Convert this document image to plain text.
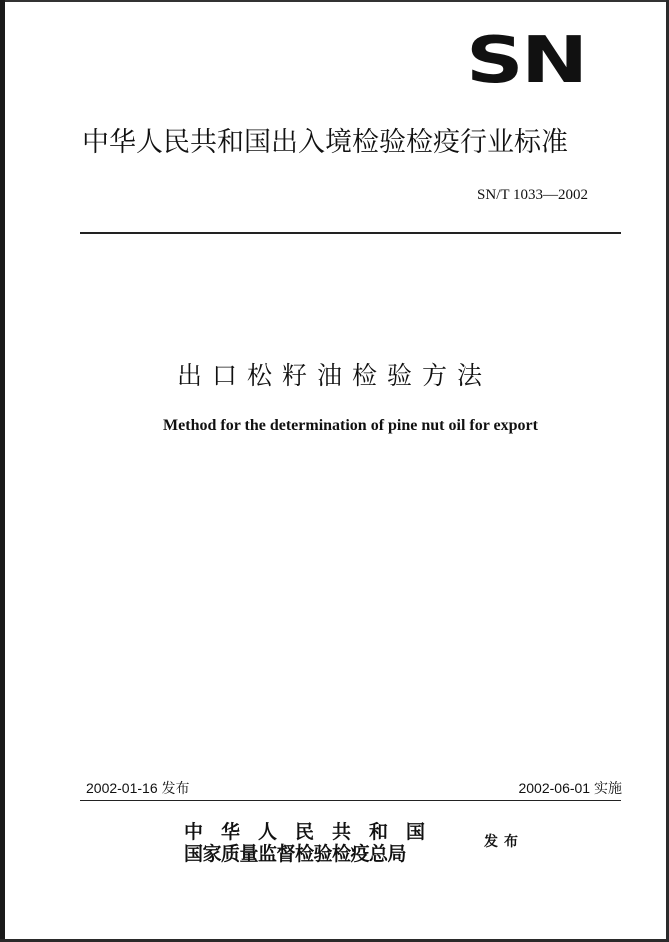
SN
中华人民共和国出入境检验检疫行业标准
SN/T 1033—2002
出口松籽油检验方法
Method for the determination of pine nut oil for export
2002-01-16 发布	2002-06-01 实施
中华人民共和国
国家质量监督检验检疫总局
发布
